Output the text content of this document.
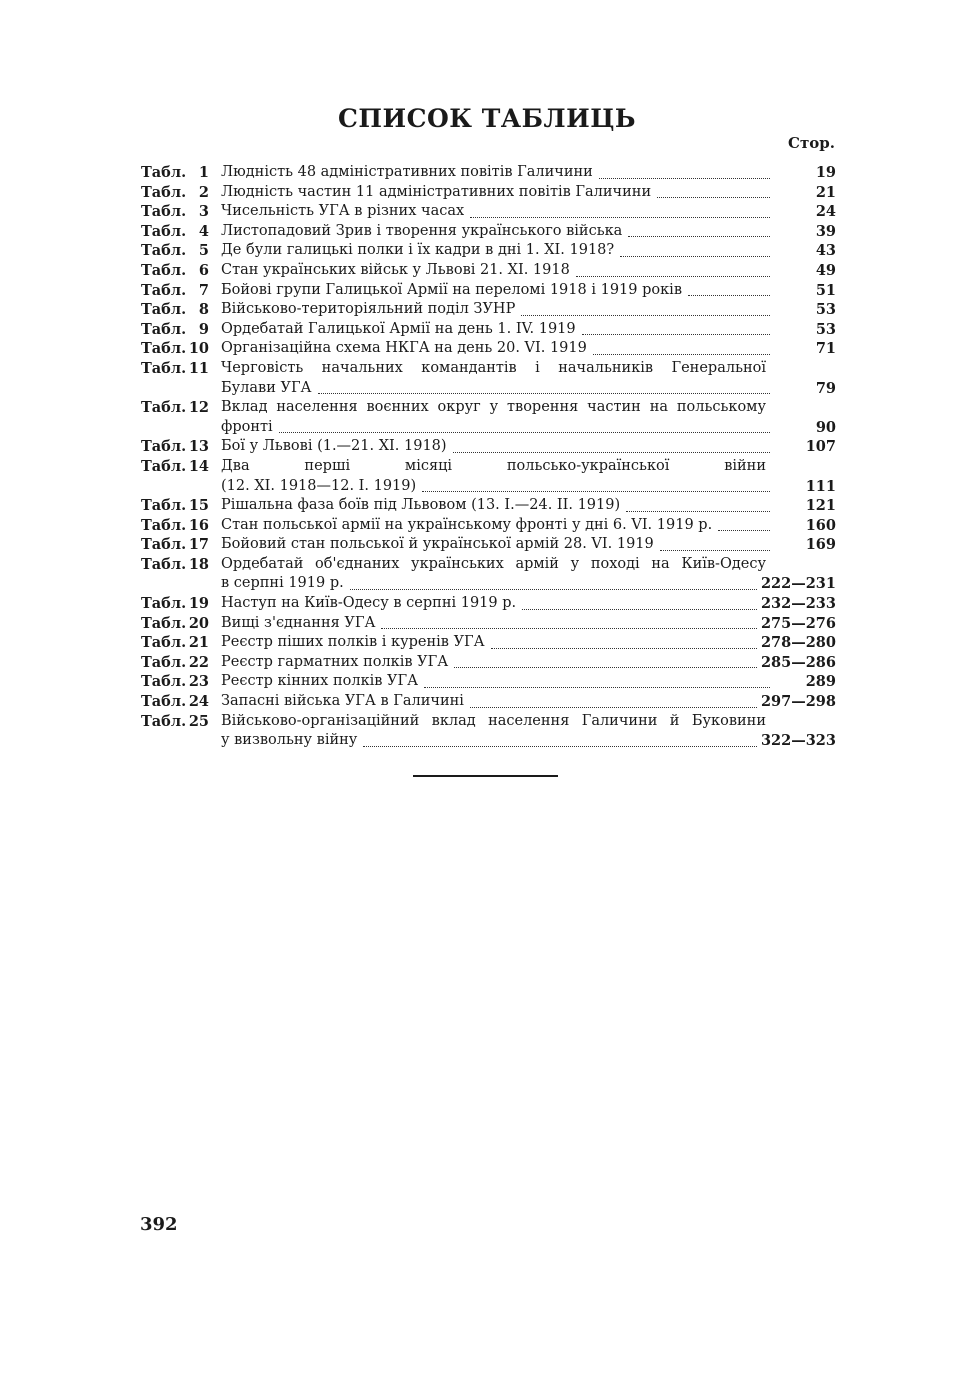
СПИСОК ТАБЛИЦЬ
Стор.
Табл. 1 Людність 48 адміністративних повітів Галичини	19
Табл. 2 Людність частин 11 адміністративних повітів Галичини	21
Табл. 3 Чисельність УГА в різних часах	24
Табл. 4 Листопадовий Зрив і творення українського війська	39
Табл. 5 Де були галицькі полки і їх кадри в дні 1. XI. 1918?	43
Табл. 6 Стан українських військ у Львові 21. XI. 1918	49
Табл. 7 Бойові групи Галицької Армії на переломі 1918 і 1919 років	51
Табл. 8 Військово-територіяльний поділ ЗУНР	53
Табл. 9 Ордебатай Галицької Армії на день 1. IV. 1919	53
Табл. 10 Організаційна схема НКГА на день 20. VI. 1919	71
Табл. 11 Черговість начальних командантів і начальників Генеральної
Булави УГА	79
Табл. 12 Вклад населення воєнних округ у творення частин на польському
фронті	90
Табл. 13 Бої у Львові (1.—21. XI. 1918)	107
Табл. 14 Два перші місяці польсько-української війни
(12. XI. 1918—12. I. 1919)	111
Табл. 15 Рішальна фаза боїв під Львовом (13. I.—24. II. 1919)	121
Табл. 16 Стан польської армії на українському фронті у дні 6. VI. 1919 р.	160
Табл. 17 Бойовий стан польської й української армій 28. VI. 1919	169
Табл. 18 Ордебатай об'єднаних українських армій у поході на Київ-Одесу
в серпні 1919 р.	222—231
Табл. 19 Наступ на Київ-Одесу в серпні 1919 р.	232—233
Табл. 20 Вищі з'єднання УГА	275—276
Табл. 21 Реєстр піших полків і куренів УГА	278—280
Табл. 22 Реєстр гарматних полків УГА	285—286
Табл. 23 Реєстр кінних полків УГА	289
Табл. 24 Запасні війська УГА в Галичині	297—298
Табл. 25 Військово-організаційний вклад населення Галичини й Буковини
у визвольну війну	322—323
392
